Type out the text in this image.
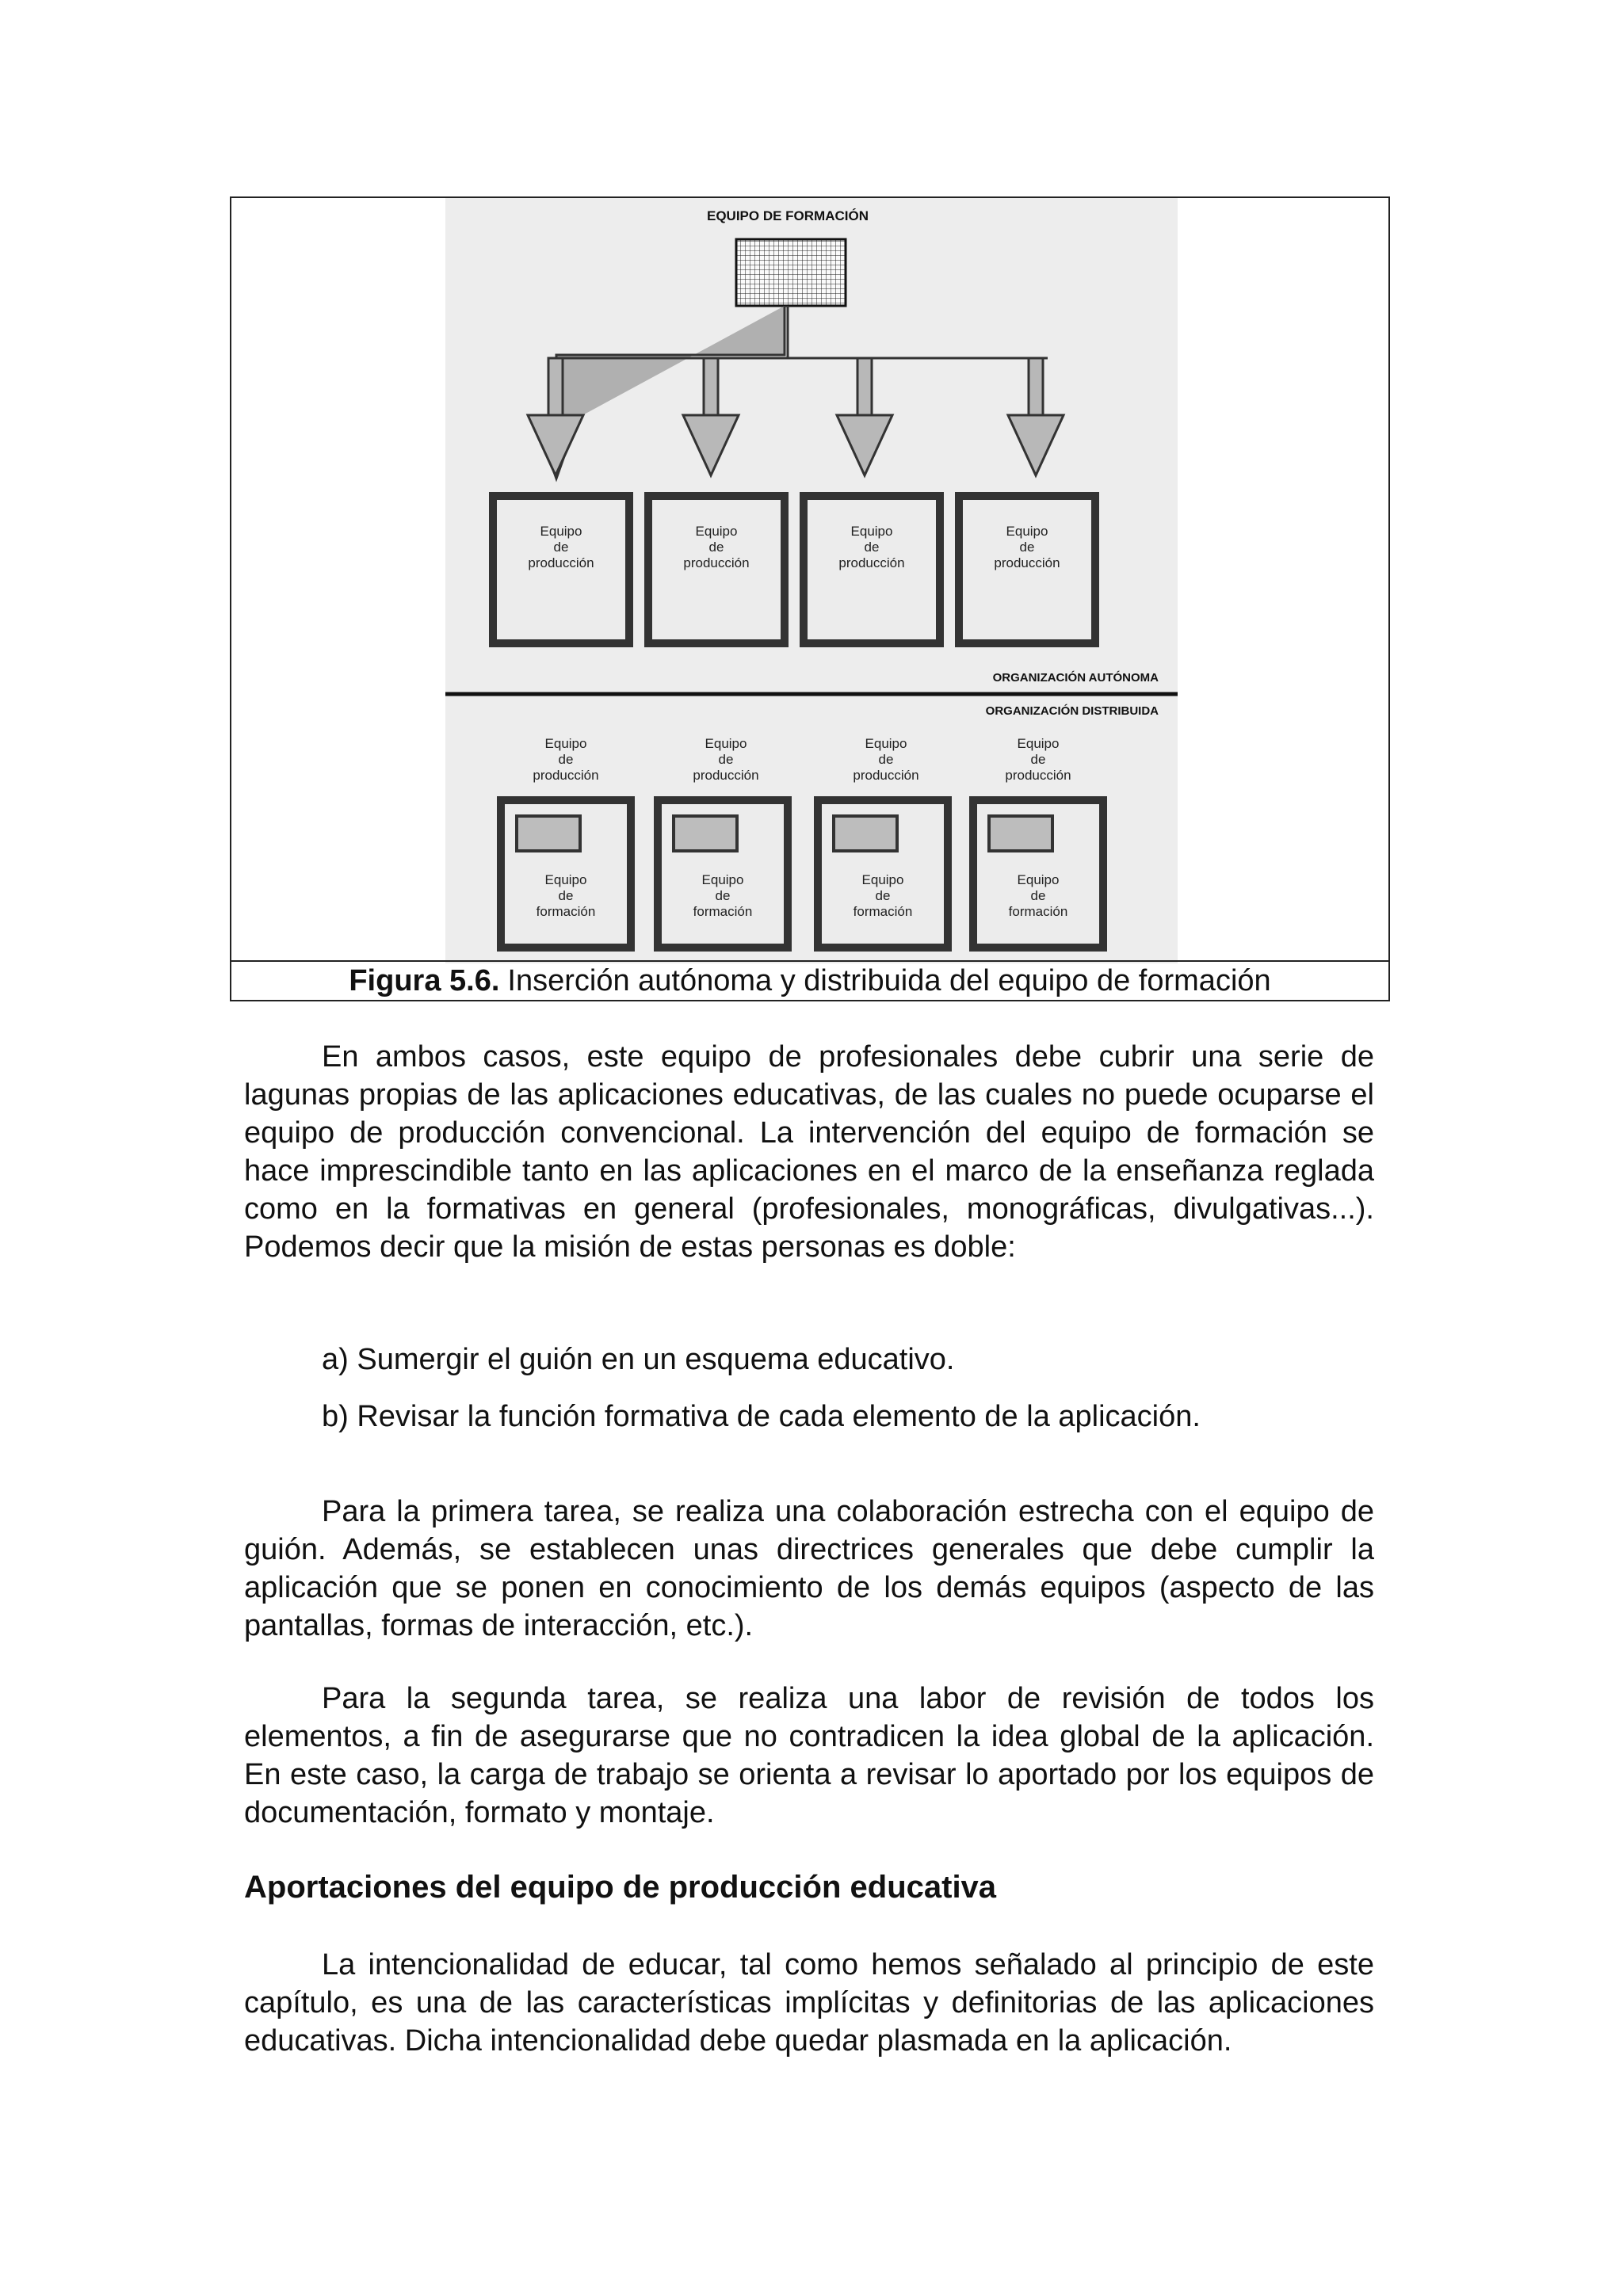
EQUIPO DE FORMACIÓN
Equipo
de
producción
Equipo
de
producción
Equipo
de
producción
Equipo
de
producción
ORGANIZACIÓN AUTÓNOMA
ORGANIZACIÓN DISTRIBUIDA
Equipo
de
producción
Equipo
de
producción
Equipo
de
producción
Equipo
de
producción
Equipo
de
formación
Equipo
de
formación
Equipo
de
formación
Equipo
de
formación
Figura 5.6. Inserción autónoma y distribuida del equipo de formación

En ambos casos, este equipo de profesionales debe cubrir una serie de lagunas propias de las aplicaciones educativas, de las cuales no puede ocuparse el equipo de producción convencional. La intervención del equipo de formación se hace imprescindible tanto en las aplicaciones en el marco de la enseñanza reglada como en la formativas en general (profesionales, monográficas, divulgativas...). Podemos decir que la misión de estas personas es doble:

a) Sumergir el guión en un esquema educativo.
b) Revisar la función formativa de cada elemento de la aplicación.

Para la primera tarea, se realiza una colaboración estrecha con el equipo de guión. Además, se establecen unas directrices generales que debe cumplir la aplicación que se ponen en conocimiento de los demás equipos (aspecto de las pantallas, formas de interacción, etc.).

Para la segunda tarea, se realiza una labor de revisión de todos los elementos, a fin de asegurarse que no contradicen la idea global de la aplicación. En este caso, la carga de trabajo se orienta a revisar lo aportado por los equipos de documentación, formato y montaje.

Aportaciones del equipo de producción educativa

La intencionalidad de educar, tal como hemos señalado al principio de este capítulo, es una de las características implícitas y definitorias de las aplicaciones educativas. Dicha intencionalidad debe quedar plasmada en la aplicación.
